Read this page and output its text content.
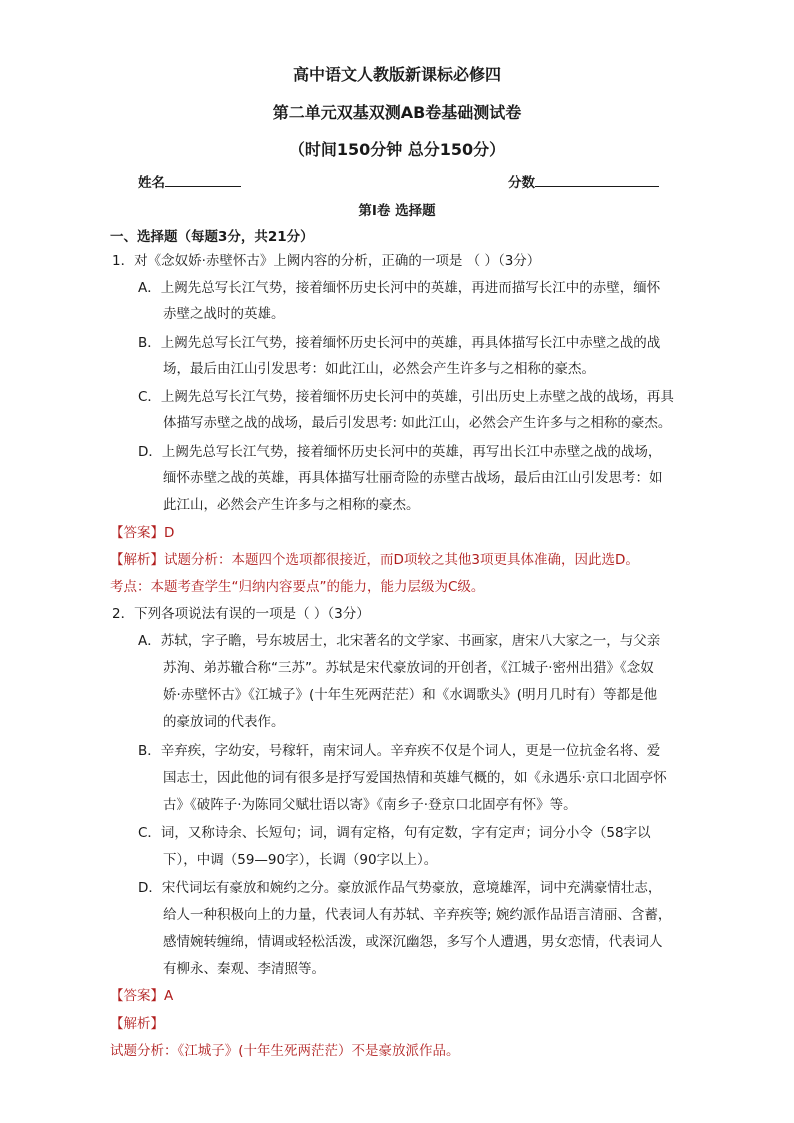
高中语文人教版新课标必修四
第二单元双基双测AB卷基础测试卷
（时间150分钟 总分150分）
姓名	分数
第Ⅰ卷 选择题
一、选择题（每题3分，共21分）
1．对《念奴娇·赤壁怀古》上阙内容的分析，正确的一项是 （ ）（3分）
A．上阙先总写长江气势，接着缅怀历史长河中的英雄，再进而描写长江中的赤壁，缅怀
赤壁之战时的英雄。
B．上阙先总写长江气势，接着缅怀历史长河中的英雄，再具体描写长江中赤壁之战的战
场，最后由江山引发思考：如此江山，必然会产生许多与之相称的豪杰。
C．上阙先总写长江气势，接着缅怀历史长河中的英雄，引出历史上赤壁之战的战场，再具
体描写赤壁之战的战场，最后引发思考: 如此江山，必然会产生许多与之相称的豪杰。
D．上阙先总写长江气势，接着缅怀历史长河中的英雄，再写出长江中赤壁之战的战场，
缅怀赤壁之战的英雄，再具体描写壮丽奇险的赤壁古战场，最后由江山引发思考：如
此江山，必然会产生许多与之相称的豪杰。
【答案】D
【解析】试题分析：本题四个选项都很接近，而D项较之其他3项更具体准确，因此选D。
考点：本题考查学生“归纳内容要点”的能力，能力层级为C级。
2．下列各项说法有误的一项是（ ）（3分）
A．苏轼，字子瞻，号东坡居士，北宋著名的文学家、书画家，唐宋八大家之一，与父亲
苏洵、弟苏辙合称“三苏”。苏轼是宋代豪放词的开创者，《江城子·密州出猎》《念奴
娇·赤壁怀古》《江城子》(十年生死两茫茫）和《水调歌头》(明月几时有）等都是他
的豪放词的代表作。
B．辛弃疾，字幼安，号稼轩，南宋词人。辛弃疾不仅是个词人，更是一位抗金名将、爱
国志士，因此他的词有很多是抒写爱国热情和英雄气概的，如《永遇乐·京口北固亭怀
古》《破阵子·为陈同父赋壮语以寄》《南乡子·登京口北固亭有怀》等。
C．词，又称诗余、长短句；词，调有定格，句有定数，字有定声；词分小令（58字以
下），中调（59—90字），长调（90字以上）。
D．宋代词坛有豪放和婉约之分。豪放派作品气势豪放，意境雄浑，词中充满豪情壮志，
给人一种积极向上的力量，代表词人有苏轼、辛弃疾等; 婉约派作品语言清丽、含蓄，
感情婉转缠绵，情调或轻松活泼，或深沉幽怨，多写个人遭遇，男女恋情，代表词人
有柳永、秦观、李清照等。
【答案】A
【解析】
试题分析：《江城子》(十年生死两茫茫）不是豪放派作品。
